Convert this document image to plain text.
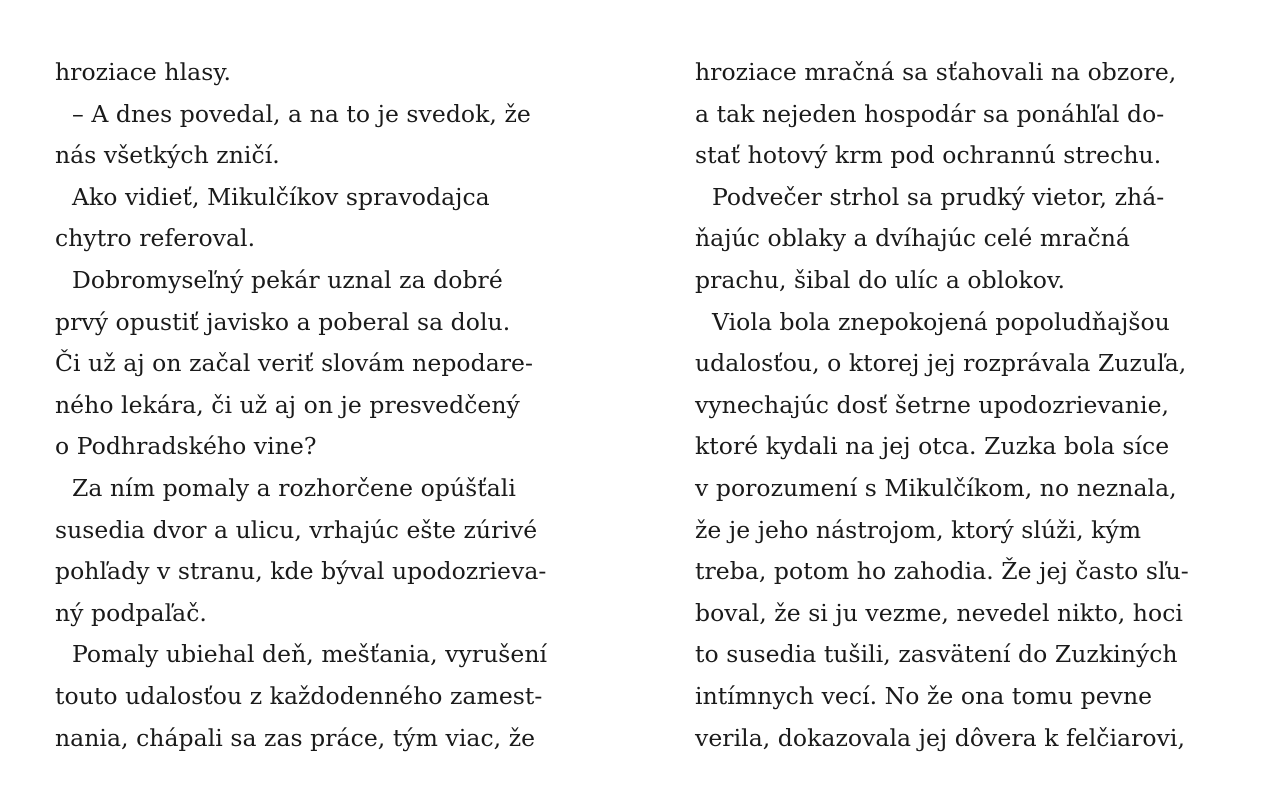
hroziace hlasy.
– A dnes povedal, a na to je svedok, že
nás všetkých zničí.
Ako vidieť, Mikulčíkov spravodajca
chytro referoval.
Dobromyseľný pekár uznal za dobré
prvý opustiť javisko a poberal sa dolu.
Či už aj on začal veriť slovám nepodare-
ného lekára, či už aj on je presvedčený
o Podhradského vine?
Za ním pomaly a rozhorčene opúšťali
susedia dvor a ulicu, vrhajúc ešte zúrivé
pohľady v stranu, kde býval upodozrieva-
ný podpaľač.
Pomaly ubiehal deň, mešťania, vyrušení
touto udalosťou z každodenného zamest-
nania, chápali sa zas práce, tým viac, že
hroziace mračná sa sťahovali na obzore,
a tak nejeden hospodár sa ponáhľal do-
stať hotový krm pod ochrannú strechu.
Podvečer strhol sa prudký vietor, zhá-
ňajúc oblaky a dvíhajúc celé mračná
prachu, šibal do ulíc a oblokov.
Viola bola znepokojená popoludňajšou
udalosťou, o ktorej jej rozprávala Zuzuľa,
vynechajúc dosť šetrne upodozrievanie,
ktoré kydali na jej otca. Zuzka bola síce
v porozumení s Mikulčíkom, no neznala,
že je jeho nástrojom, ktorý slúži, kým
treba, potom ho zahodia. Že jej často sľu-
boval, že si ju vezme, nevedel nikto, hoci
to susedia tušili, zasvätení do Zuzkiných
intímnych vecí. No že ona tomu pevne
verila, dokazovala jej dôvera k felčiarovi,
